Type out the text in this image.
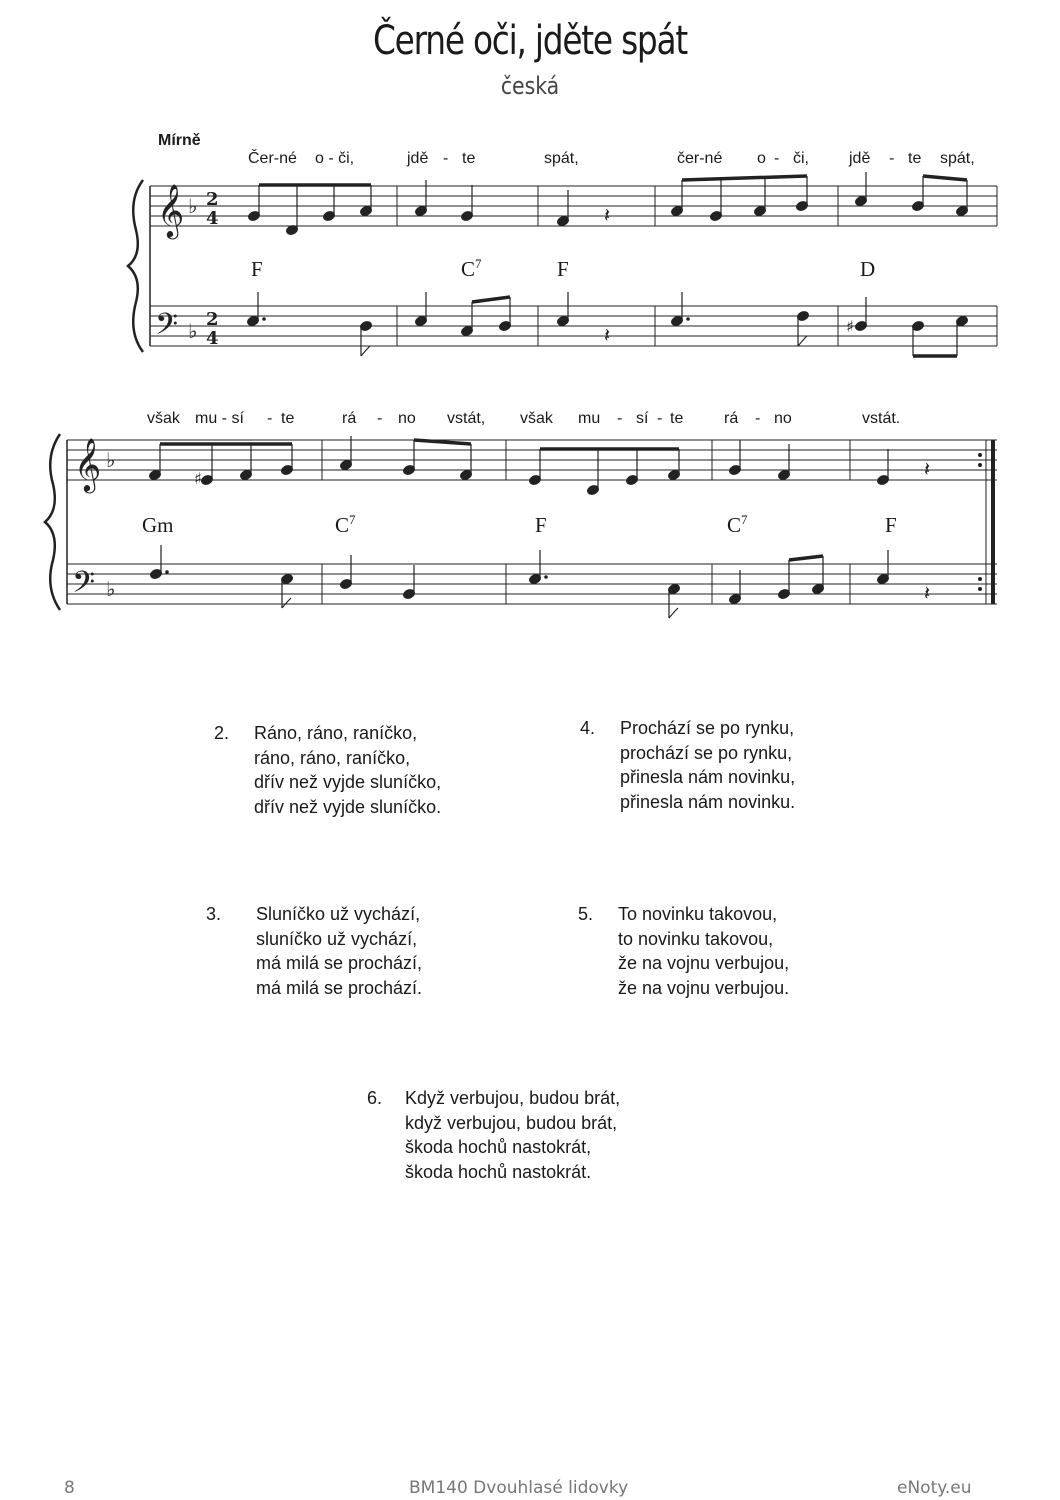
Černé oči, jděte spát
česká
Mírně
Čer-né o - či,	jdě - te	spát,	čer-né o - či,	jdě - te spát,
F	$C^7$	F	D
však mu - sí - te	rá - no vstát, však mu - sí - te	rá - no	vstát.
Gm	$C^7$	F	$C^7$	F
𝄞 ♭ 2
4
𝄢 ♭ 2
4
𝄞 ♭
𝄢 ♭
𝄽
♯
𝄽
♯	𝄽
𝄽
2. Ráno, ráno, raníčko,
ráno, ráno, raníčko,
dřív než vyjde sluníčko,
dřív než vyjde sluníčko.
4. Prochází se po rynku,
prochází se po rynku,
přinesla nám novinku,
přinesla nám novinku.
3. Sluníčko už vychází,
sluníčko už vychází,
má milá se prochází,
má milá se prochází.
5. To novinku takovou,
to novinku takovou,
že na vojnu verbujou,
že na vojnu verbujou.
6. Když verbujou, budou brát,
když verbujou, budou brát,
škoda hochů nastokrát,
škoda hochů nastokrát.
8	BM140 Dvouhlasé lidovky	eNoty.eu
